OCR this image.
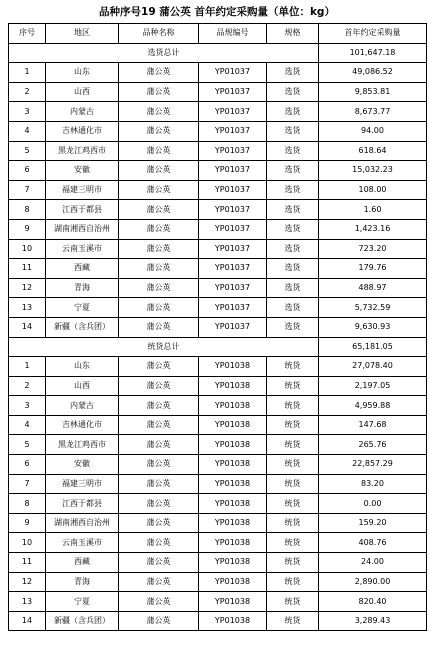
品种序号19 蒲公英 首年约定采购量（单位：kg）
序号	地区	品种名称	品规编号	规格	首年约定采购量
选货总计					101,647.18
1	山东	蒲公英	YP01037	选货	49,086.52
2	山西	蒲公英	YP01037	选货	9,853.81
3	内蒙古	蒲公英	YP01037	选货	8,673.77
4	吉林通化市	蒲公英	YP01037	选货	94.00
5	黑龙江鸡西市	蒲公英	YP01037	选货	618.64
6	安徽	蒲公英	YP01037	选货	15,032.23
7	福建三明市	蒲公英	YP01037	选货	108.00
8	江西于都县	蒲公英	YP01037	选货	1.60
9	湖南湘西自治州	蒲公英	YP01037	选货	1,423.16
10	云南玉溪市	蒲公英	YP01037	选货	723.20
11	西藏	蒲公英	YP01037	选货	179.76
12	青海	蒲公英	YP01037	选货	488.97
13	宁夏	蒲公英	YP01037	选货	5,732.59
14	新疆（含兵团）	蒲公英	YP01037	选货	9,630.93
统货总计					65,181.05
1	山东	蒲公英	YP01038	统货	27,078.40
2	山西	蒲公英	YP01038	统货	2,197.05
3	内蒙古	蒲公英	YP01038	统货	4,959.88
4	吉林通化市	蒲公英	YP01038	统货	147.68
5	黑龙江鸡西市	蒲公英	YP01038	统货	265.76
6	安徽	蒲公英	YP01038	统货	22,857.29
7	福建三明市	蒲公英	YP01038	统货	83.20
8	江西于都县	蒲公英	YP01038	统货	0.00
9	湖南湘西自治州	蒲公英	YP01038	统货	159.20
10	云南玉溪市	蒲公英	YP01038	统货	408.76
11	西藏	蒲公英	YP01038	统货	24.00
12	青海	蒲公英	YP01038	统货	2,890.00
13	宁夏	蒲公英	YP01038	统货	820.40
14	新疆（含兵团）	蒲公英	YP01038	统货	3,289.43
